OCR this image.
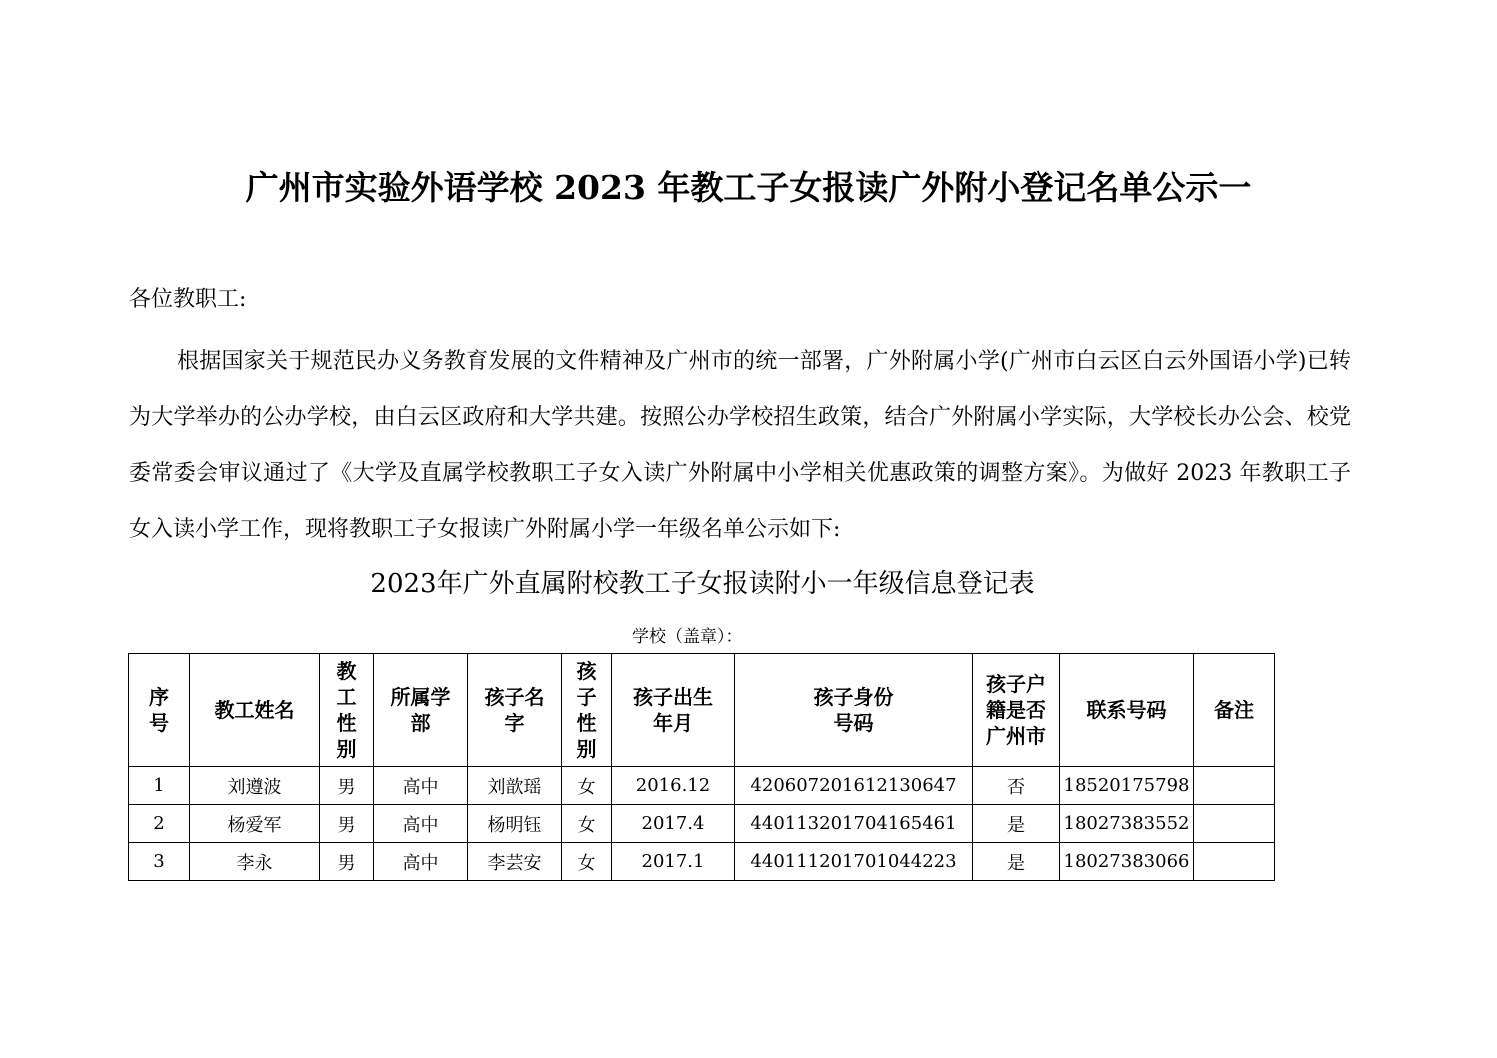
广州市实验外语学校 2023 年教工子女报读广外附小登记名单公示一
各位教职工:

根据国家关于规范民办义务教育发展的文件精神及广州市的统一部署，广外附属小学(广州市白云区白云外国语小学)已转为大学举办的公办学校，由白云区政府和大学共建。按照公办学校招生政策，结合广外附属小学实际，大学校长办公会、校党委常委会审议通过了《大学及直属学校教职工子女入读广外附属中小学相关优惠政策的调整方案》。为做好 2023 年教职工子女入读小学工作，现将教职工子女报读广外附属小学一年级名单公示如下:

2023年广外直属附校教工子女报读附小一年级信息登记表
学校（盖章）：
序号	教工姓名	教工性别	所属学部	孩子名字	孩子性别	孩子出生年月	孩子身份号码	孩子户籍是否广州市	联系号码	备注
1	刘遵波	男	高中	刘歆瑶	女	2016.12	420607201612130647	否	18520175798	
2	杨爱军	男	高中	杨明钰	女	2017.4	440113201704165461	是	18027383552	
3	李永	男	高中	李芸安	女	2017.1	440111201701044223	是	18027383066	
